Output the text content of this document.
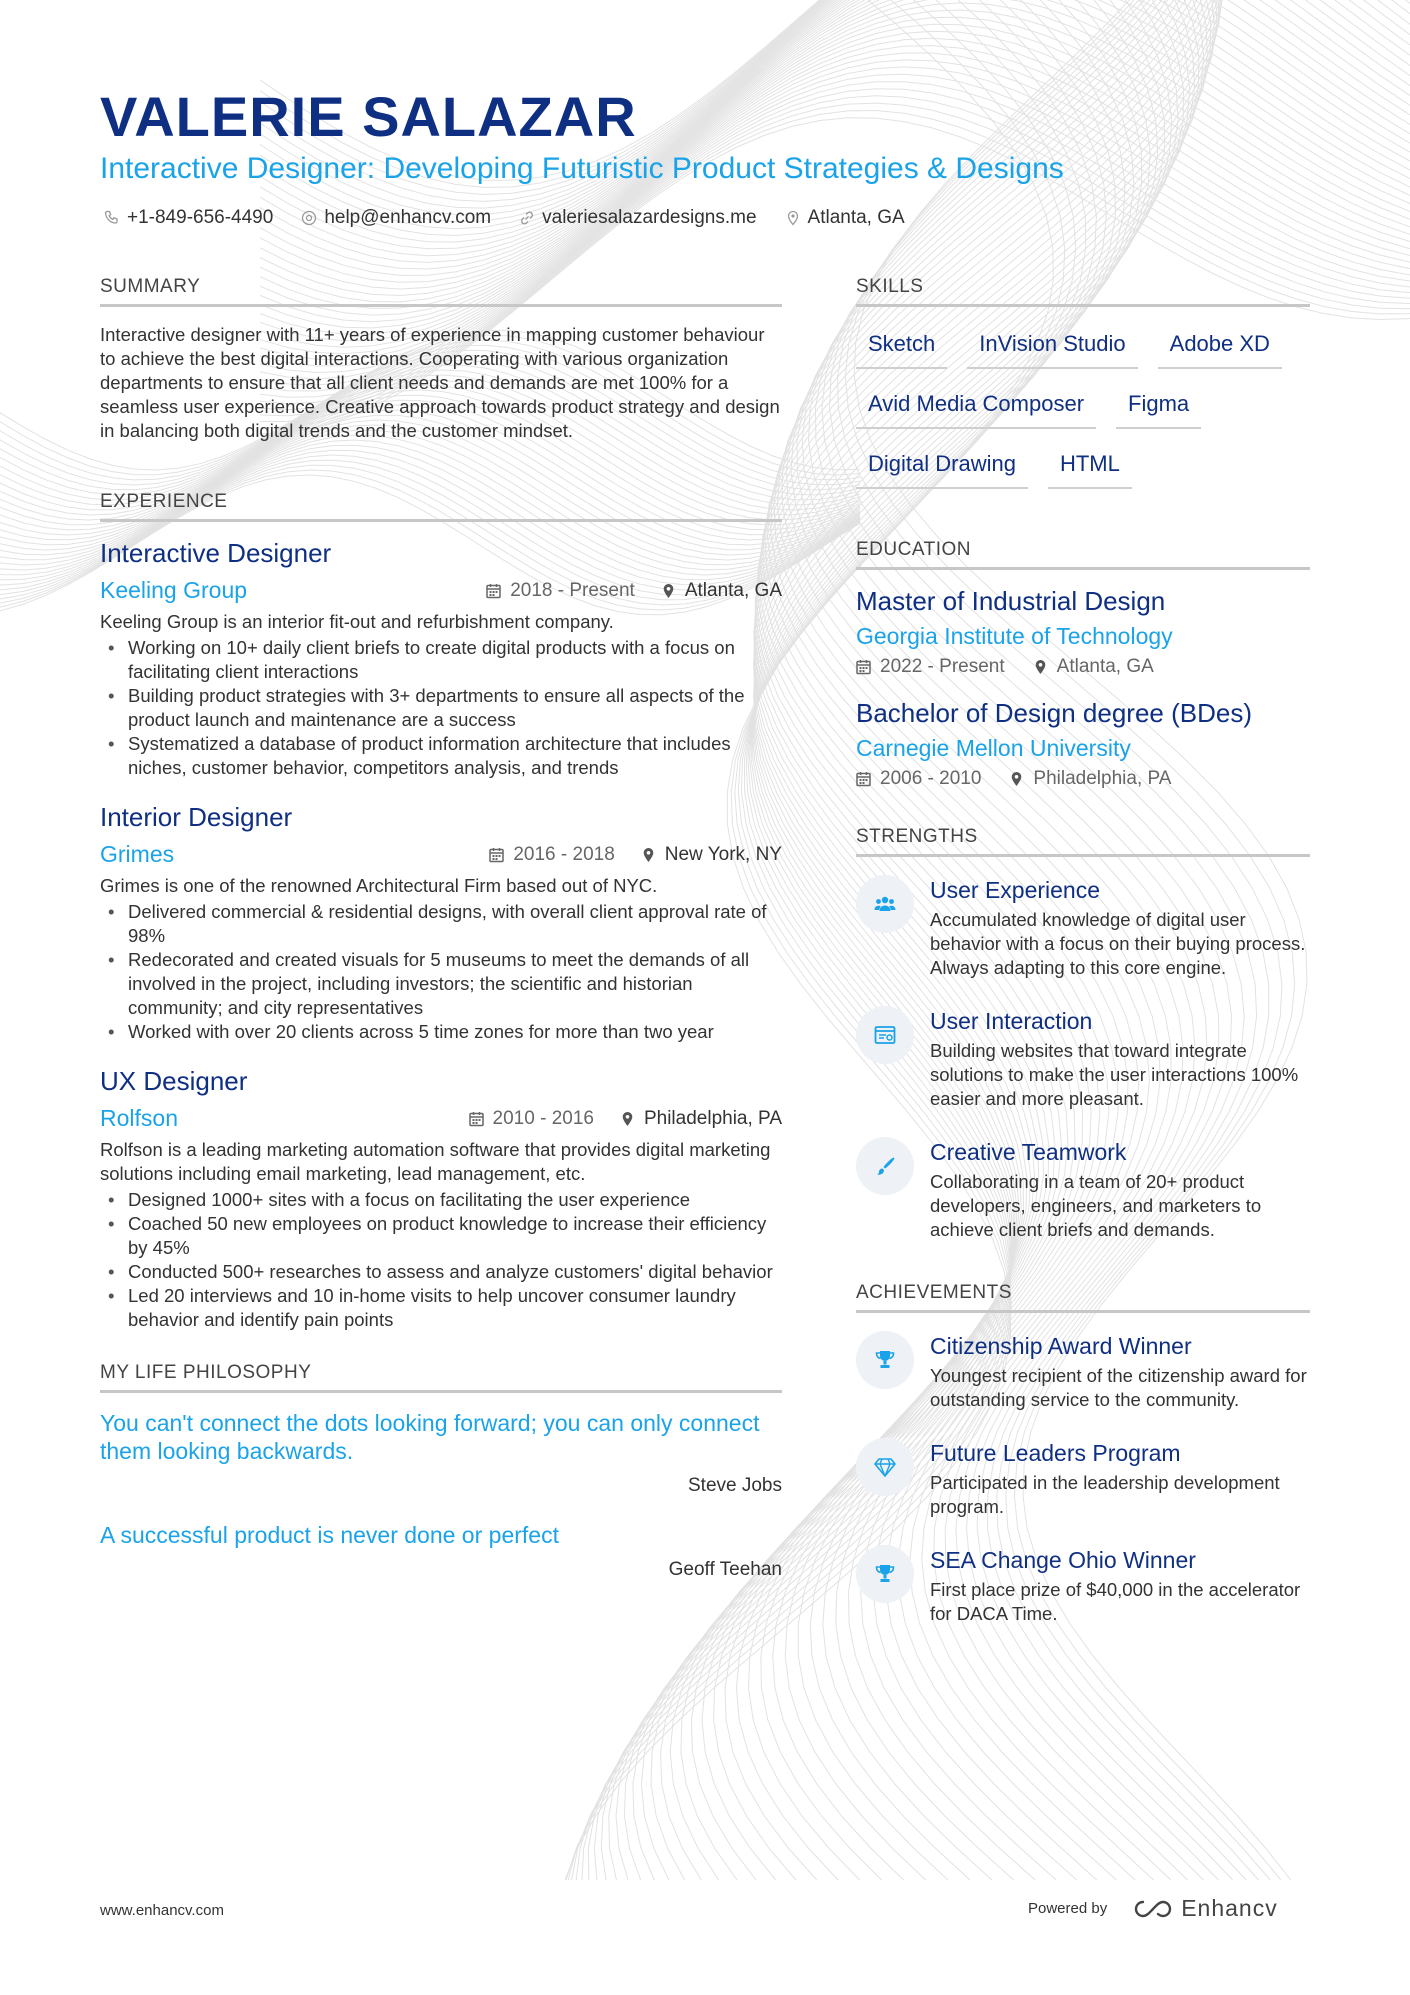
VALERIE SALAZAR
Interactive Designer: Developing Futuristic Product Strategies & Designs
+1-849-656-4490	help@enhancv.com	valeriesalazardesigns.me	Atlanta, GA
SUMMARY
Interactive designer with 11+ years of experience in mapping customer behaviour to achieve the best digital interactions. Cooperating with various organization departments to ensure that all client needs and demands are met 100% for a seamless user experience. Creative approach towards product strategy and design in balancing both digital trends and the customer mindset.
EXPERIENCE
Interactive Designer
Keeling Group	2018 - Present	Atlanta, GA
Keeling Group is an interior fit-out and refurbishment company.
• Working on 10+ daily client briefs to create digital products with a focus on facilitating client interactions
• Building product strategies with 3+ departments to ensure all aspects of the product launch and maintenance are a success
• Systematized a database of product information architecture that includes niches, customer behavior, competitors analysis, and trends
Interior Designer
Grimes	2016 - 2018	New York, NY
Grimes is one of the renowned Architectural Firm based out of NYC.
• Delivered commercial & residential designs, with overall client approval rate of 98%
• Redecorated and created visuals for 5 museums to meet the demands of all involved in the project, including investors; the scientific and historian community; and city representatives
• Worked with over 20 clients across 5 time zones for more than two year
UX Designer
Rolfson	2010 - 2016	Philadelphia, PA
Rolfson is a leading marketing automation software that provides digital marketing solutions including email marketing, lead management, etc.
• Designed 1000+ sites with a focus on facilitating the user experience
• Coached 50 new employees on product knowledge to increase their efficiency by 45%
• Conducted 500+ researches to assess and analyze customers' digital behavior
• Led 20 interviews and 10 in-home visits to help uncover consumer laundry behavior and identify pain points
MY LIFE PHILOSOPHY
You can't connect the dots looking forward; you can only connect them looking backwards.
Steve Jobs
A successful product is never done or perfect
Geoff Teehan
SKILLS
Sketch	InVision Studio	Adobe XD
Avid Media Composer	Figma
Digital Drawing	HTML
EDUCATION
Master of Industrial Design
Georgia Institute of Technology
2022 - Present	Atlanta, GA
Bachelor of Design degree (BDes)
Carnegie Mellon University
2006 - 2010	Philadelphia, PA
STRENGTHS
User Experience
Accumulated knowledge of digital user behavior with a focus on their buying process. Always adapting to this core engine.
User Interaction
Building websites that toward integrate solutions to make the user interactions 100% easier and more pleasant.
Creative Teamwork
Collaborating in a team of 20+ product developers, engineers, and marketers to achieve client briefs and demands.
ACHIEVEMENTS
Citizenship Award Winner
Youngest recipient of the citizenship award for outstanding service to the community.
Future Leaders Program
Participated in the leadership development program.
SEA Change Ohio Winner
First place prize of $40,000 in the accelerator for DACA Time.
www.enhancv.com	Powered by	Enhancv
